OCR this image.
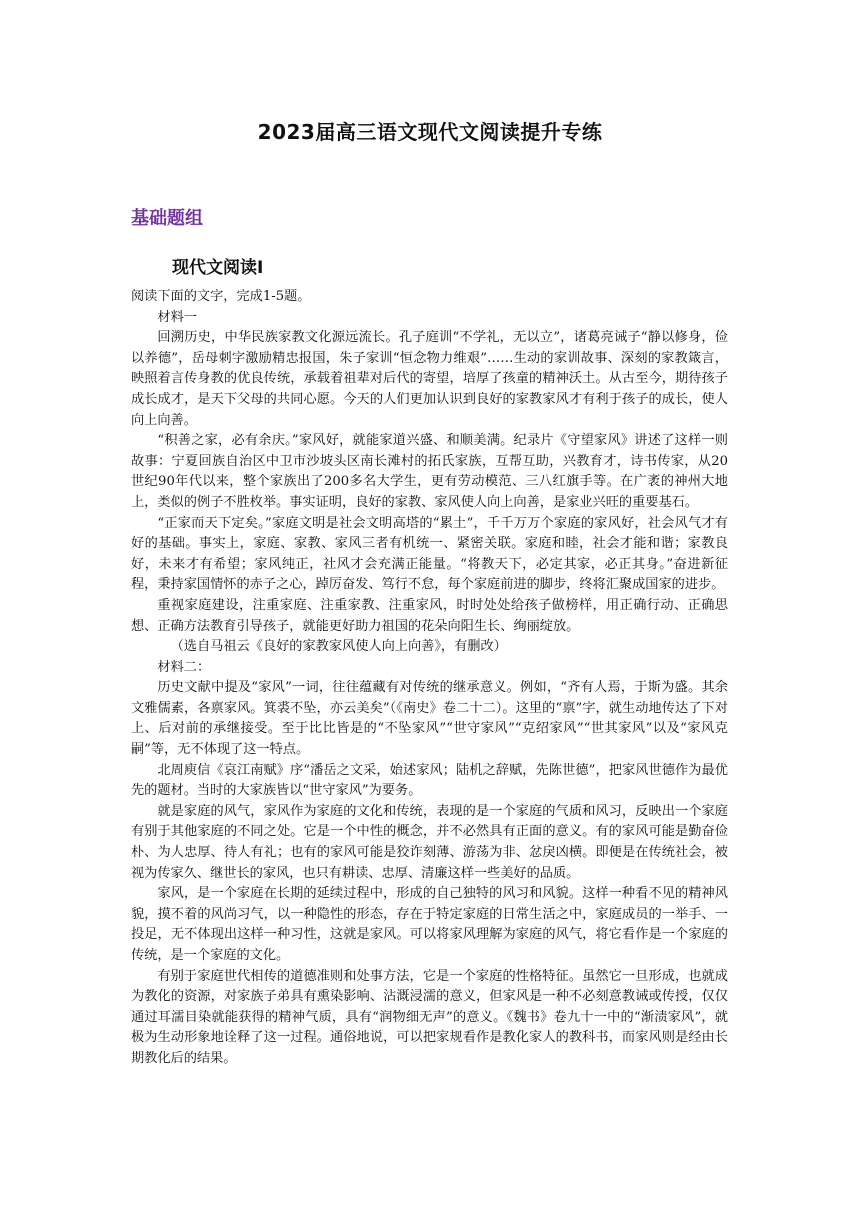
2023届高三语文现代文阅读提升专练
基础题组
现代文阅读Ⅰ

阅读下面的文字，完成1-5题。

材料一

回溯历史，中华民族家教文化源远流长。孔子庭训“不学礼，无以立”，诸葛亮诫子“静以修身，俭以养德”，岳母刺字激励精忠报国，朱子家训“恒念物力维艰”……生动的家训故事、深刻的家教箴言，映照着言传身教的优良传统，承载着祖辈对后代的寄望，培厚了孩童的精神沃土。从古至今，期待孩子成长成才，是天下父母的共同心愿。今天的人们更加认识到良好的家教家风才有利于孩子的成长，使人向上向善。

“积善之家，必有余庆。”家风好，就能家道兴盛、和顺美满。纪录片《守望家风》讲述了这样一则故事：宁夏回族自治区中卫市沙坡头区南长滩村的拓氏家族，互帮互助，兴教育才，诗书传家，从20世纪90年代以来，整个家族出了200多名大学生，更有劳动模范、三八红旗手等。在广袤的神州大地上，类似的例子不胜枚举。事实证明，良好的家教、家风使人向上向善，是家业兴旺的重要基石。

“正家而天下定矣。”家庭文明是社会文明高塔的“累土”，千千万万个家庭的家风好，社会风气才有好的基础。事实上，家庭、家教、家风三者有机统一、紧密关联。家庭和睦，社会才能和谐；家教良好，未来才有希望；家风纯正，社风才会充满正能量。“将教天下，必定其家，必正其身。”奋进新征程，秉持家国情怀的赤子之心，踔厉奋发、笃行不怠，每个家庭前进的脚步，终将汇聚成国家的进步。

重视家庭建设，注重家庭、注重家教、注重家风，时时处处给孩子做榜样，用正确行动、正确思想、正确方法教育引导孩子，就能更好助力祖国的花朵向阳生长、绚丽绽放。

（选自马祖云《良好的家教家风使人向上向善》，有删改）

材料二：

历史文献中提及“家风”一词，往往蕴藏有对传统的继承意义。例如，“齐有人焉，于斯为盛。其余文雅儒素，各禀家风。箕裘不坠，亦云美矣”（《南史》卷二十二）。这里的“禀”字，就生动地传达了下对上、后对前的承继接受。至于比比皆是的“不坠家风”“世守家风”“克绍家风”“世其家风”以及“家风克嗣”等，无不体现了这一特点。

北周庾信《哀江南赋》序“潘岳之文采，始述家风；陆机之辞赋，先陈世德”，把家风世德作为最优先的题材。当时的大家族皆以“世守家风”为要务。

就是家庭的风气，家风作为家庭的文化和传统，表现的是一个家庭的气质和风习，反映出一个家庭有别于其他家庭的不同之处。它是一个中性的概念，并不必然具有正面的意义。有的家风可能是勤奋俭朴、为人忠厚、待人有礼；也有的家风可能是狡诈刻薄、游荡为非、忿戾凶横。即便是在传统社会，被视为传家久、继世长的家风，也只有耕读、忠厚、清廉这样一些美好的品质。

家风，是一个家庭在长期的延续过程中，形成的自己独特的风习和风貌。这样一种看不见的精神风貌，摸不着的风尚习气，以一种隐性的形态，存在于特定家庭的日常生活之中，家庭成员的一举手、一投足，无不体现出这样一种习性，这就是家风。可以将家风理解为家庭的风气，将它看作是一个家庭的传统，是一个家庭的文化。

有别于家庭世代相传的道德准则和处事方法，它是一个家庭的性格特征。虽然它一旦形成，也就成为教化的资源，对家族子弟具有熏染影响、沾溉浸濡的意义，但家风是一种不必刻意教诫或传授，仅仅通过耳濡目染就能获得的精神气质，具有“润物细无声”的意义。《魏书》卷九十一中的“渐渍家风”，就极为生动形象地诠释了这一过程。通俗地说，可以把家规看作是教化家人的教科书，而家风则是经由长期教化后的结果。
